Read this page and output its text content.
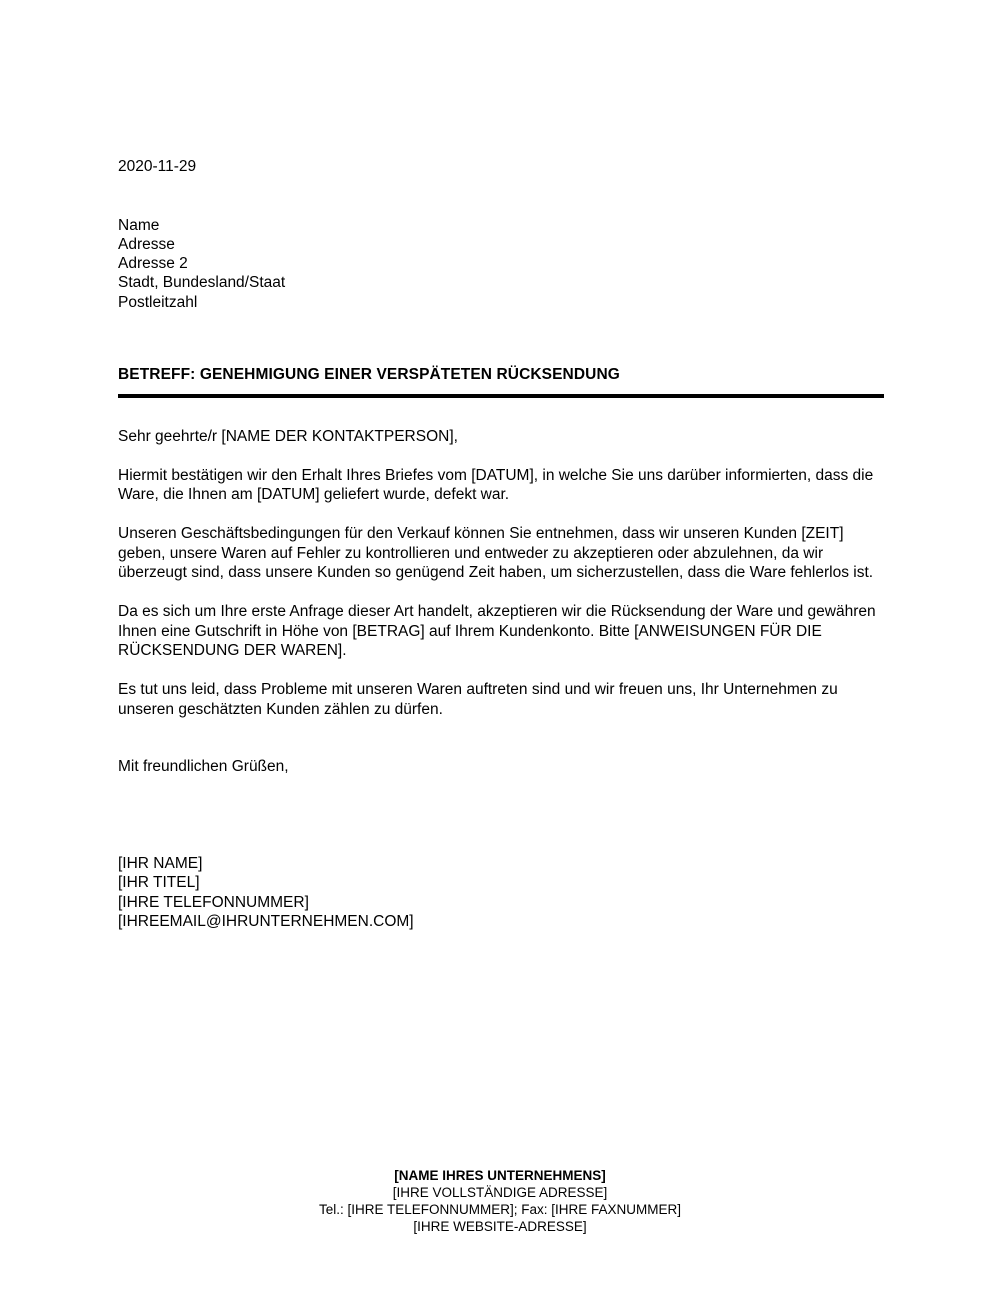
2020-11-29
Name
Adresse
Adresse 2
Stadt, Bundesland/Staat
Postleitzahl
BETREFF: GENEHMIGUNG EINER VERSPÄTETEN RÜCKSENDUNG
Sehr geehrte/r [NAME DER KONTAKTPERSON],

Hiermit bestätigen wir den Erhalt Ihres Briefes vom [DATUM], in welche Sie uns darüber informierten, dass die Ware, die Ihnen am [DATUM] geliefert wurde, defekt war.

Unseren Geschäftsbedingungen für den Verkauf können Sie entnehmen, dass wir unseren Kunden [ZEIT] geben, unsere Waren auf Fehler zu kontrollieren und entweder zu akzeptieren oder abzulehnen, da wir überzeugt sind, dass unsere Kunden so genügend Zeit haben, um sicherzustellen, dass die Ware fehlerlos ist.

Da es sich um Ihre erste Anfrage dieser Art handelt, akzeptieren wir die Rücksendung der Ware und gewähren Ihnen eine Gutschrift in Höhe von [BETRAG] auf Ihrem Kundenkonto. Bitte [ANWEISUNGEN FÜR DIE RÜCKSENDUNG DER WAREN].

Es tut uns leid, dass Probleme mit unseren Waren auftreten sind und wir freuen uns, Ihr Unternehmen zu unseren geschätzten Kunden zählen zu dürfen.

Mit freundlichen Grüßen,
[IHR NAME]
[IHR TITEL]
[IHRE TELEFONNUMMER]
[IHREEMAIL@IHRUNTERNEHMEN.COM]
[NAME IHRES UNTERNEHMENS]
[IHRE VOLLSTÄNDIGE ADRESSE]
Tel.: [IHRE TELEFONNUMMER]; Fax: [IHRE FAXNUMMER]
[IHRE WEBSITE-ADRESSE]
